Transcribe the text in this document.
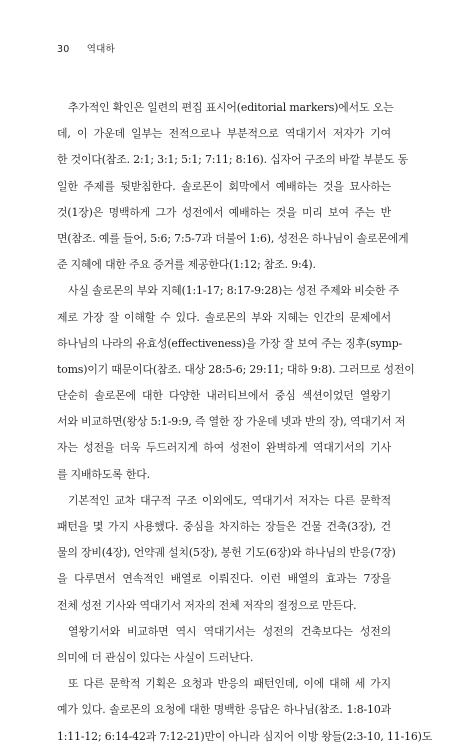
30 역대하
추가적인 확인은 일련의 편집 표시어(editorial markers)에서도 오는
데, 이 가운데 일부는 전적으로나 부분적으로 역대기서 저자가 기여
한 것이다(참조. 2:1; 3:1; 5:1; 7:11; 8:16). 십자어 구조의 바깥 부분도 동
일한 주제를 뒷받침한다. 솔로몬이 회막에서 예배하는 것을 묘사하는
것(1장)은 명백하게 그가 성전에서 예배하는 것을 미리 보여 주는 반
면(참조. 예를 들어, 5:6; 7:5-7과 더불어 1:6), 성전은 하나님이 솔로몬에게
준 지혜에 대한 주요 증거를 제공한다(1:12; 참조. 9:4).
사실 솔로몬의 부와 지혜(1:1-17; 8:17-9:28)는 성전 주제와 비슷한 주
제로 가장 잘 이해할 수 있다. 솔로몬의 부와 지혜는 인간의 문제에서
하나님의 나라의 유효성(effectiveness)을 가장 잘 보여 주는 징후(symp-
toms)이기 때문이다(참조. 대상 28:5-6; 29:11; 대하 9:8). 그러므로 성전이
단순히 솔로몬에 대한 다양한 내러티브에서 중심 섹션이었던 열왕기
서와 비교하면(왕상 5:1-9:9, 즉 열한 장 가운데 넷과 반의 장), 역대기서 저
자는 성전을 더욱 두드러지게 하여 성전이 완벽하게 역대기서의 기사
를 지배하도록 한다.
기본적인 교차 대구적 구조 이외에도, 역대기서 저자는 다른 문학적
패턴을 몇 가지 사용했다. 중심을 차지하는 장들은 건물 건축(3장), 건
물의 장비(4장), 언약궤 설치(5장), 봉헌 기도(6장)와 하나님의 반응(7장)
을 다루면서 연속적인 배열로 이뤄진다. 이런 배열의 효과는 7장을
전체 성전 기사와 역대기서 저자의 전체 저작의 절정으로 만든다.
열왕기서와 비교하면 역시 역대기서는 성전의 건축보다는 성전의
의미에 더 관심이 있다는 사실이 드러난다.
또 다른 문학적 기획은 요청과 반응의 패턴인데, 이에 대해 세 가지
예가 있다. 솔로몬의 요청에 대한 명백한 응답은 하나님(참조. 1:8-10과
1:11-12; 6:14-42과 7:12-21)만이 아니라 심지어 이방 왕들(2:3-10, 11-16)도
